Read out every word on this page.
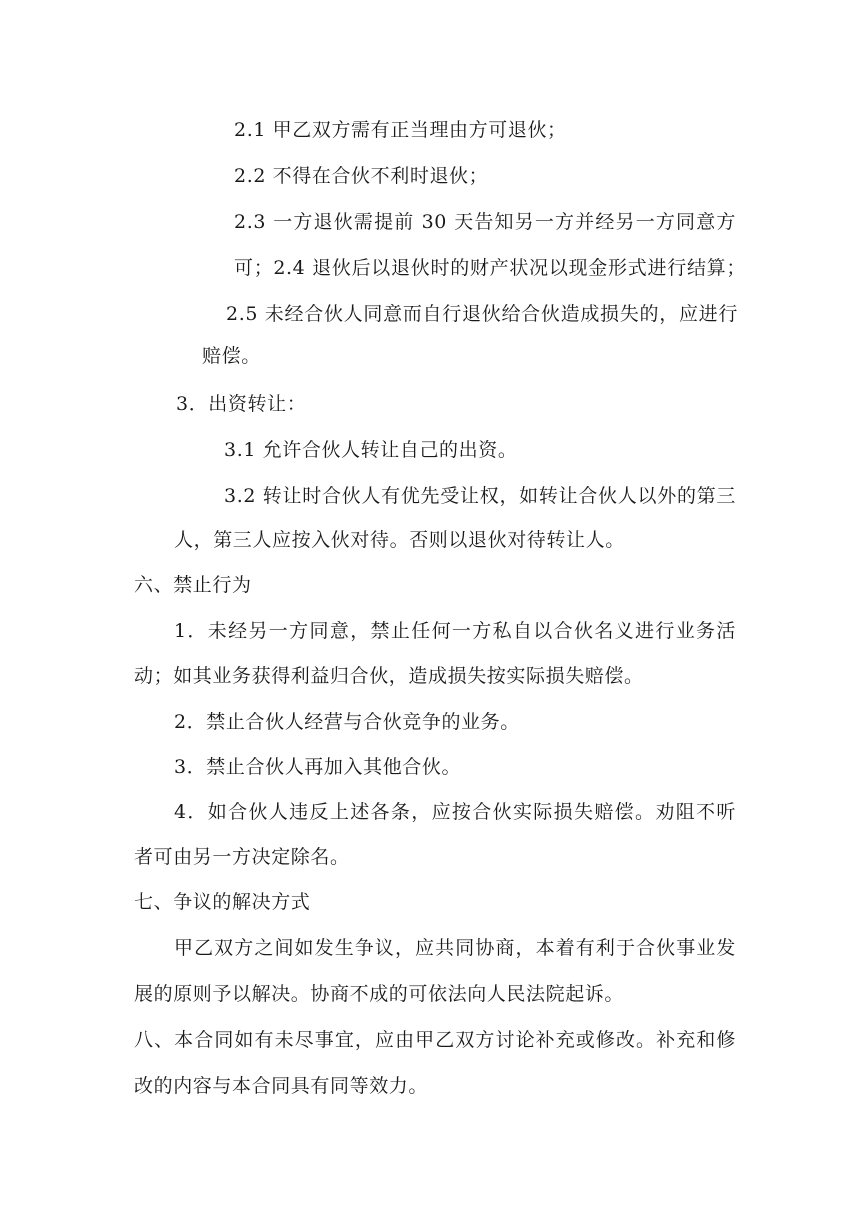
2.1 甲乙双方需有正当理由方可退伙；
2.2 不得在合伙不利时退伙；
2.3 一方退伙需提前 30 天告知另一方并经另一方同意方
可；2.4 退伙后以退伙时的财产状况以现金形式进行结算；
2.5 未经合伙人同意而自行退伙给合伙造成损失的，应进行
赔偿。
3．出资转让：
3.1 允许合伙人转让自己的出资。
3.2 转让时合伙人有优先受让权，如转让合伙人以外的第三
人，第三人应按入伙对待。否则以退伙对待转让人。
六、禁止行为
1．未经另一方同意，禁止任何一方私自以合伙名义进行业务活
动；如其业务获得利益归合伙，造成损失按实际损失赔偿。
2．禁止合伙人经营与合伙竞争的业务。
3．禁止合伙人再加入其他合伙。
4．如合伙人违反上述各条，应按合伙实际损失赔偿。劝阻不听
者可由另一方决定除名。
七、争议的解决方式
甲乙双方之间如发生争议，应共同协商，本着有利于合伙事业发
展的原则予以解决。协商不成的可依法向人民法院起诉。
八、本合同如有未尽事宜，应由甲乙双方讨论补充或修改。补充和修
改的内容与本合同具有同等效力。
